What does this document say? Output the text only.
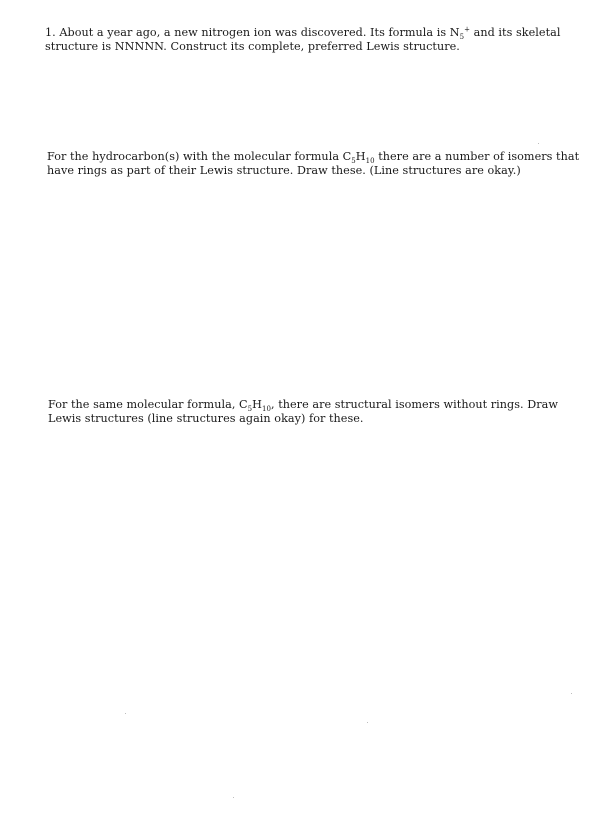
1. About a year ago, a new nitrogen ion was discovered. Its formula is $N_5^+$ and its skeletal
structure is NNNNN. Construct its complete, preferred Lewis structure.
For the hydrocarbon(s) with the molecular formula $C_5H_{10}$ there are a number of isomers that
have rings as part of their Lewis structure. Draw these. (Line structures are okay.)
For the same molecular formula, $C_5H_{10}$, there are structural isomers without rings. Draw
Lewis structures (line structures again okay) for these.
